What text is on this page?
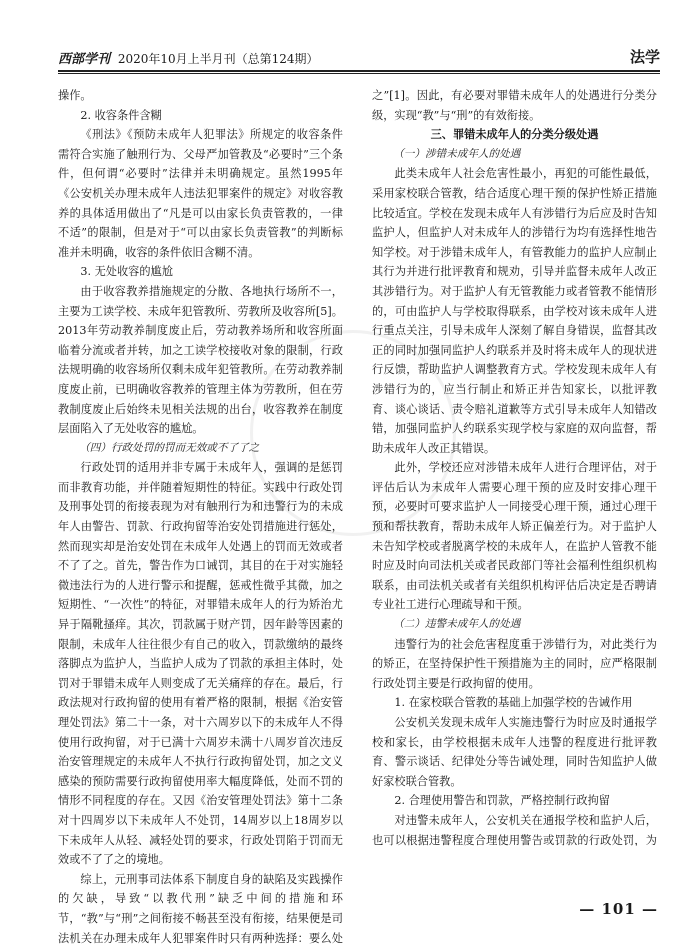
西部学刊 2020年10月上半月刊（总第124期）	法学

操作。

2. 收容条件含糊

《刑法》《预防未成年人犯罪法》所规定的收容条件需符合实施了触刑行为、父母严加管教及“必要时”三个条件，但何谓“必要时”法律并未明确规定。虽然1995年《公安机关办理未成年人违法犯罪案件的规定》对收容教养的具体适用做出了“凡是可以由家长负责管教的，一律不适”的限制，但是对于“可以由家长负责管教”的判断标准并未明确，收容的条件依旧含糊不清。

3. 无处收容的尴尬

由于收容教养措施规定的分散、各地执行场所不一，主要为工读学校、未成年犯管教所、劳教所及收容所[5]。2013年劳动教养制度废止后，劳动教养场所和收容所面临着分流或者并转，加之工读学校接收对象的限制，行政法规明确的收容场所仅剩未成年犯管教所。在劳动教养制度废止前，已明确收容教养的管理主体为劳教所，但在劳教制度废止后始终未见相关法规的出台，收容教养在制度层面陷入了无处收容的尴尬。

（四）行政处罚的罚而无效或不了了之

行政处罚的适用并非专属于未成年人，强调的是惩罚而非教育功能，并伴随着短期性的特征。实践中行政处罚及刑事处罚的衔接表现为对有触刑行为和违警行为的未成年人由警告、罚款、行政拘留等治安处罚措施进行惩处，然而现实却是治安处罚在未成年人处遇上的罚而无效或者不了了之。首先，警告作为口诫罚，其目的在于对实施轻微违法行为的人进行警示和提醒，惩戒性微乎其微，加之短期性、“一次性”的特征，对罪错未成年人的行为矫治尤异于隔靴搔痒。其次，罚款属于财产罚，因年龄等因素的限制，未成年人往往很少有自己的收入，罚款缴纳的最终落脚点为监护人，当监护人成为了罚款的承担主体时，处罚对于罪错未成年人则变成了无关痛痒的存在。最后，行政法规对行政拘留的使用有着严格的限制，根据《治安管理处罚法》第二十一条，对十六周岁以下的未成年人不得使用行政拘留，对于已满十六周岁未满十八周岁首次违反治安管理规定的未成年人不执行行政拘留处罚，加之文义感染的预防需要行政拘留使用率大幅度降低，处而不罚的情形不同程度的存在。又因《治安管理处罚法》第十二条对十四周岁以下未成年人不处罚，14周岁以上18周岁以下未成年人从轻、减轻处罚的要求，行政处罚陷于罚而无效或不了了之的境地。

综上，元刑事司法体系下制度自身的缺陷及实践操作的欠缺，导致“以教代刑”缺乏中间的措施和环节，“教”与“刑”之间衔接不畅甚至没有衔接，结果便是司法机关在办理未成年人犯罪案件时只有两种选择：要么处

之”[1]。因此，有必要对罪错未成年人的处遇进行分类分级，实现“教”与“刑”的有效衔接。

三、罪错未成年人的分类分级处遇

（一）涉错未成年人的处遇

此类未成年人社会危害性最小，再犯的可能性最低，采用家校联合管教，结合适度心理干预的保护性矫正措施比较适宜。学校在发现未成年人有涉错行为后应及时告知监护人，但监护人对未成年人的涉错行为均有选择性地告知学校。对于涉错未成年人，有管教能力的监护人应制止其行为并进行批评教育和规劝，引导并监督未成年人改正其涉错行为。对于监护人有无管教能力或者管教不能情形的，可由监护人与学校取得联系，由学校对该未成年人进行重点关注，引导未成年人深刻了解自身错误，监督其改正的同时加强同监护人约联系并及时将未成年人的现状进行反馈，帮助监护人调整教育方式。学校发现未成年人有涉错行为的，应当行制止和矫正并告知家长，以批评教育、谈心谈话、责令赔礼道歉等方式引导未成年人知错改错，加强同监护人约联系实现学校与家庭的双向监督，帮助未成年人改正其错误。

此外，学校还应对涉错未成年人进行合理评估，对于评估后认为未成年人需要心理干预的应及时安排心理干预，必要时可要求监护人一同接受心理干预，通过心理干预和帮扶教育，帮助未成年人矫正偏差行为。对于监护人未告知学校或者脱离学校的未成年人，在监护人管教不能时应及时向司法机关或者民政部门等社会福利性组织机构联系，由司法机关或者有关组织机构评估后决定是否聘请专业社工进行心理疏导和干预。

（二）违警未成年人的处遇

违警行为的社会危害程度重于涉错行为，对此类行为的矫正，在坚持保护性干预措施为主的同时，应严格限制行政处罚主要是行政拘留的使用。

1. 在家校联合管教的基础上加强学校的告诫作用

公安机关发现未成年人实施违警行为时应及时通报学校和家长，由学校根据未成年人违警的程度进行批评教育、警示谈话、纪律处分等告诫处理，同时告知监护人做好家校联合管教。

2. 合理使用警告和罚款，严格控制行政拘留

对违警未成年人，公安机关在通报学校和监护人后，也可以根据违警程度合理使用警告或罚款的行政处罚，为

— 101 —
